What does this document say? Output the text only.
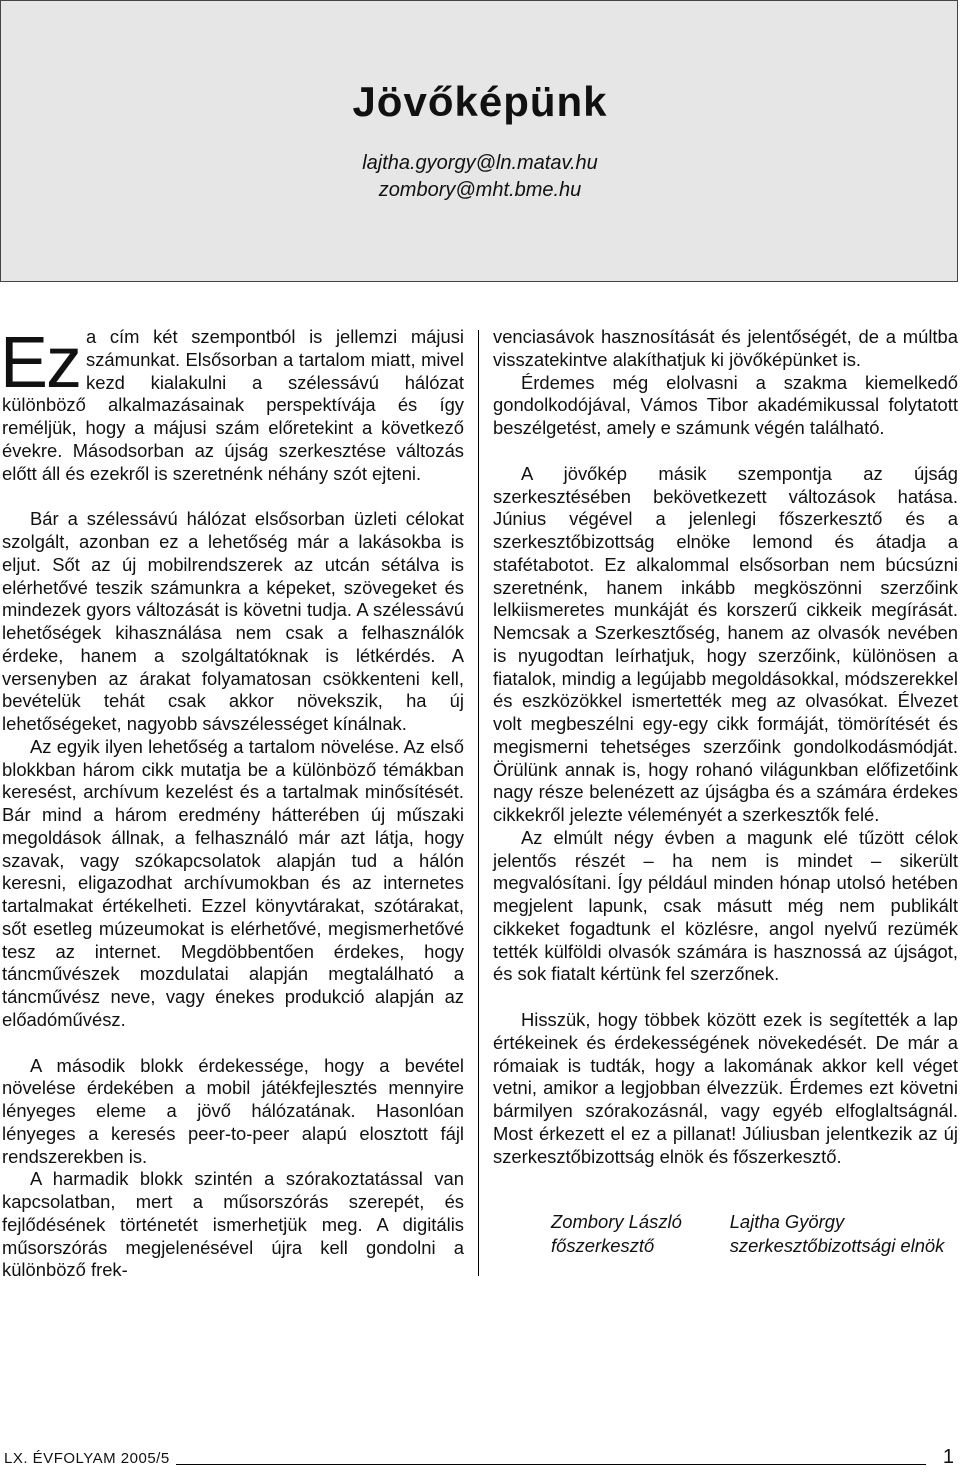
Jövőképünk
lajtha.gyorgy@ln.matav.hu
zombory@mht.bme.hu

Ez a cím két szempontból is jellemzi májusi számunkat. Elsősorban a tartalom miatt, mivel kezd kialakulni a szélessávú hálózat különböző alkalmazásainak perspektívája és így reméljük, hogy a májusi szám előretekint a következő évekre. Másodsorban az újság szerkesztése változás előtt áll és ezekről is szeretnénk néhány szót ejteni.

Bár a szélessávú hálózat elsősorban üzleti célokat szolgált, azonban ez a lehetőség már a lakásokba is eljut. Sőt az új mobilrendszerek az utcán sétálva is elérhetővé teszik számunkra a képeket, szövegeket és mindezek gyors változását is követni tudja. A szélessávú lehetőségek kihasználása nem csak a felhasználók érdeke, hanem a szolgáltatóknak is létkérdés. A versenyben az árakat folyamatosan csökkenteni kell, bevételük tehát csak akkor növekszik, ha új lehetőségeket, nagyobb sávszélességet kínálnak.

Az egyik ilyen lehetőség a tartalom növelése. Az első blokkban három cikk mutatja be a különböző témákban keresést, archívum kezelést és a tartalmak minősítését. Bár mind a három eredmény hátterében új műszaki megoldások állnak, a felhasználó már azt látja, hogy szavak, vagy szókapcsolatok alapján tud a hálón keresni, eligazodhat archívumokban és az internetes tartalmakat értékelheti. Ezzel könyvtárakat, szótárakat, sőt esetleg múzeumokat is elérhetővé, megismerhetővé tesz az internet. Megdöbbentően érdekes, hogy táncművészek mozdulatai alapján megtalálható a táncművész neve, vagy énekes produkció alapján az előadóművész.

A második blokk érdekessége, hogy a bevétel növelése érdekében a mobil játékfejlesztés mennyire lényeges eleme a jövő hálózatának. Hasonlóan lényeges a keresés peer-to-peer alapú elosztott fájl rendszerekben is.

A harmadik blokk szintén a szórakoztatással van kapcsolatban, mert a műsorszórás szerepét, és fejlődésének történetét ismerhetjük meg. A digitális műsorszórás megjelenésével újra kell gondolni a különböző frek-

venciasávok hasznosítását és jelentőségét, de a múltba visszatekintve alakíthatjuk ki jövőképünket is.

Érdemes még elolvasni a szakma kiemelkedő gondolkodójával, Vámos Tibor akadémikussal folytatott beszélgetést, amely e számunk végén található.

A jövőkép másik szempontja az újság szerkesztésében bekövetkezett változások hatása. Június végével a jelenlegi főszerkesztő és a szerkesztőbizottság elnöke lemond és átadja a stafétabotot. Ez alkalommal elsősorban nem búcsúzni szeretnénk, hanem inkább megköszönni szerzőink lelkiismeretes munkáját és korszerű cikkeik megírását. Nemcsak a Szerkesztőség, hanem az olvasók nevében is nyugodtan leírhatjuk, hogy szerzőink, különösen a fiatalok, mindig a legújabb megoldásokkal, módszerekkel és eszközökkel ismertették meg az olvasókat. Élvezet volt megbeszélni egy-egy cikk formáját, tömörítését és megismerni tehetséges szerzőink gondolkodásmódját. Örülünk annak is, hogy rohanó világunkban előfizetőink nagy része belenézett az újságba és a számára érdekes cikkekről jelezte véleményét a szerkesztők felé.

Az elmúlt négy évben a magunk elé tűzött célok jelentős részét – ha nem is mindet – sikerült megvalósítani. Így például minden hónap utolsó hetében megjelent lapunk, csak másutt még nem publikált cikkeket fogadtunk el közlésre, angol nyelvű rezümék tették külföldi olvasók számára is hasznossá az újságot, és sok fiatalt kértünk fel szerzőnek.

Hisszük, hogy többek között ezek is segítették a lap értékeinek és érdekességének növekedését. De már a rómaiak is tudták, hogy a lakomának akkor kell véget vetni, amikor a legjobban élvezzük. Érdemes ezt követni bármilyen szórakozásnál, vagy egyéb elfoglaltságnál. Most érkezett el ez a pillanat! Júliusban jelentkezik az új szerkesztőbizottság elnök és főszerkesztő.

Zombory László
főszerkesztő
Lajtha György
szerkesztőbizottsági elnök
LX. ÉVFOLYAM 2005/5	1
